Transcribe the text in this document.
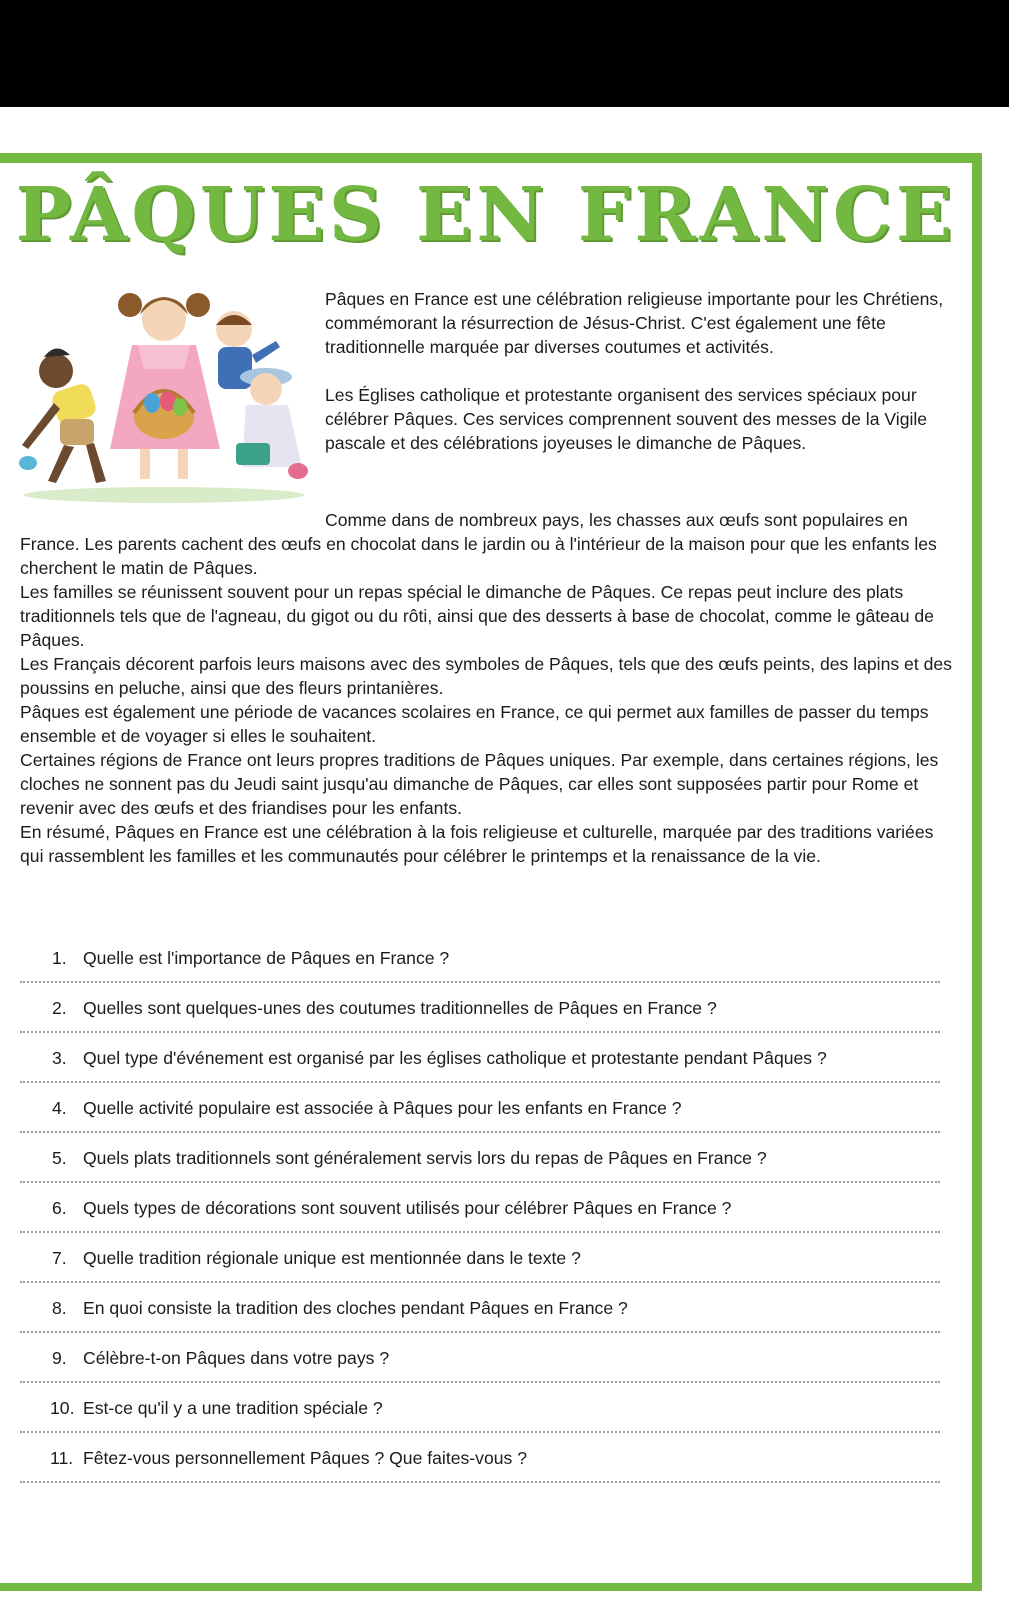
PÂQUES EN FRANCE

Pâques en France est une célébration religieuse importante pour les Chrétiens, commémorant la résurrection de Jésus-Christ. C'est également une fête traditionnelle marquée par diverses coutumes et activités.

Les Églises catholique et protestante organisent des services spéciaux pour célébrer Pâques. Ces services comprennent souvent des messes de la Vigile pascale et des célébrations joyeuses le dimanche de Pâques.

Comme dans de nombreux pays, les chasses aux œufs sont populaires en France. Les parents cachent des œufs en chocolat dans le jardin ou à l'intérieur de la maison pour que les enfants les cherchent le matin de Pâques.

Les familles se réunissent souvent pour un repas spécial le dimanche de Pâques. Ce repas peut inclure des plats traditionnels tels que de l'agneau, du gigot ou du rôti, ainsi que des desserts à base de chocolat, comme le gâteau de Pâques.

Les Français décorent parfois leurs maisons avec des symboles de Pâques, tels que des œufs peints, des lapins et des poussins en peluche, ainsi que des fleurs printanières.

Pâques est également une période de vacances scolaires en France, ce qui permet aux familles de passer du temps ensemble et de voyager si elles le souhaitent.

Certaines régions de France ont leurs propres traditions de Pâques uniques. Par exemple, dans certaines régions, les cloches ne sonnent pas du Jeudi saint jusqu'au dimanche de Pâques, car elles sont supposées partir pour Rome et revenir avec des œufs et des friandises pour les enfants.

En résumé, Pâques en France est une célébration à la fois religieuse et culturelle, marquée par des traditions variées qui rassemblent les familles et les communautés pour célébrer le printemps et la renaissance de la vie.

1. Quelle est l'importance de Pâques en France ?
2. Quelles sont quelques-unes des coutumes traditionnelles de Pâques en France ?
3. Quel type d'événement est organisé par les églises catholique et protestante pendant Pâques ?
4. Quelle activité populaire est associée à Pâques pour les enfants en France ?
5. Quels plats traditionnels sont généralement servis lors du repas de Pâques en France ?
6. Quels types de décorations sont souvent utilisés pour célébrer Pâques en France ?
7. Quelle tradition régionale unique est mentionnée dans le texte ?
8. En quoi consiste la tradition des cloches pendant Pâques en France ?
9. Célèbre-t-on Pâques dans votre pays ?
10. Est-ce qu'il y a une tradition spéciale ?
11. Fêtez-vous personnellement Pâques ? Que faites-vous ?
